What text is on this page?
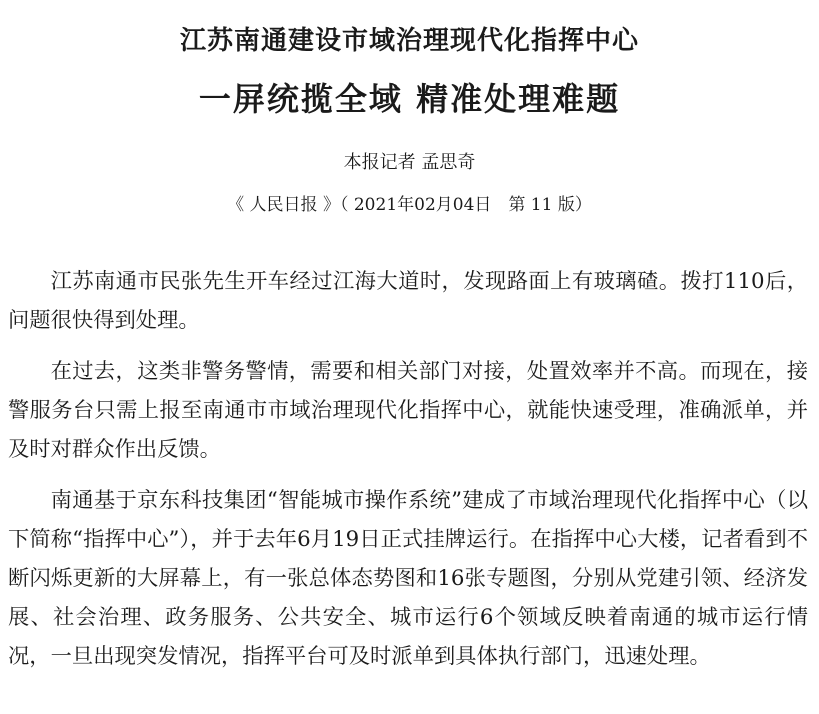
江苏南通建设市域治理现代化指挥中心
一屏统揽全域 精准处理难题
本报记者 孟思奇
《 人民日报 》（ 2021年02月04日　第 11 版）

江苏南通市民张先生开车经过江海大道时，发现路面上有玻璃碴。拨打110后，问题很快得到处理。

在过去，这类非警务警情，需要和相关部门对接，处置效率并不高。而现在，接警服务台只需上报至南通市市域治理现代化指挥中心，就能快速受理，准确派单，并及时对群众作出反馈。

南通基于京东科技集团“智能城市操作系统”建成了市域治理现代化指挥中心（以下简称“指挥中心”），并于去年6月19日正式挂牌运行。在指挥中心大楼，记者看到不断闪烁更新的大屏幕上，有一张总体态势图和16张专题图，分别从党建引领、经济发展、社会治理、政务服务、公共安全、城市运行6个领域反映着南通的城市运行情况，一旦出现突发情况，指挥平台可及时派单到具体执行部门，迅速处理。
